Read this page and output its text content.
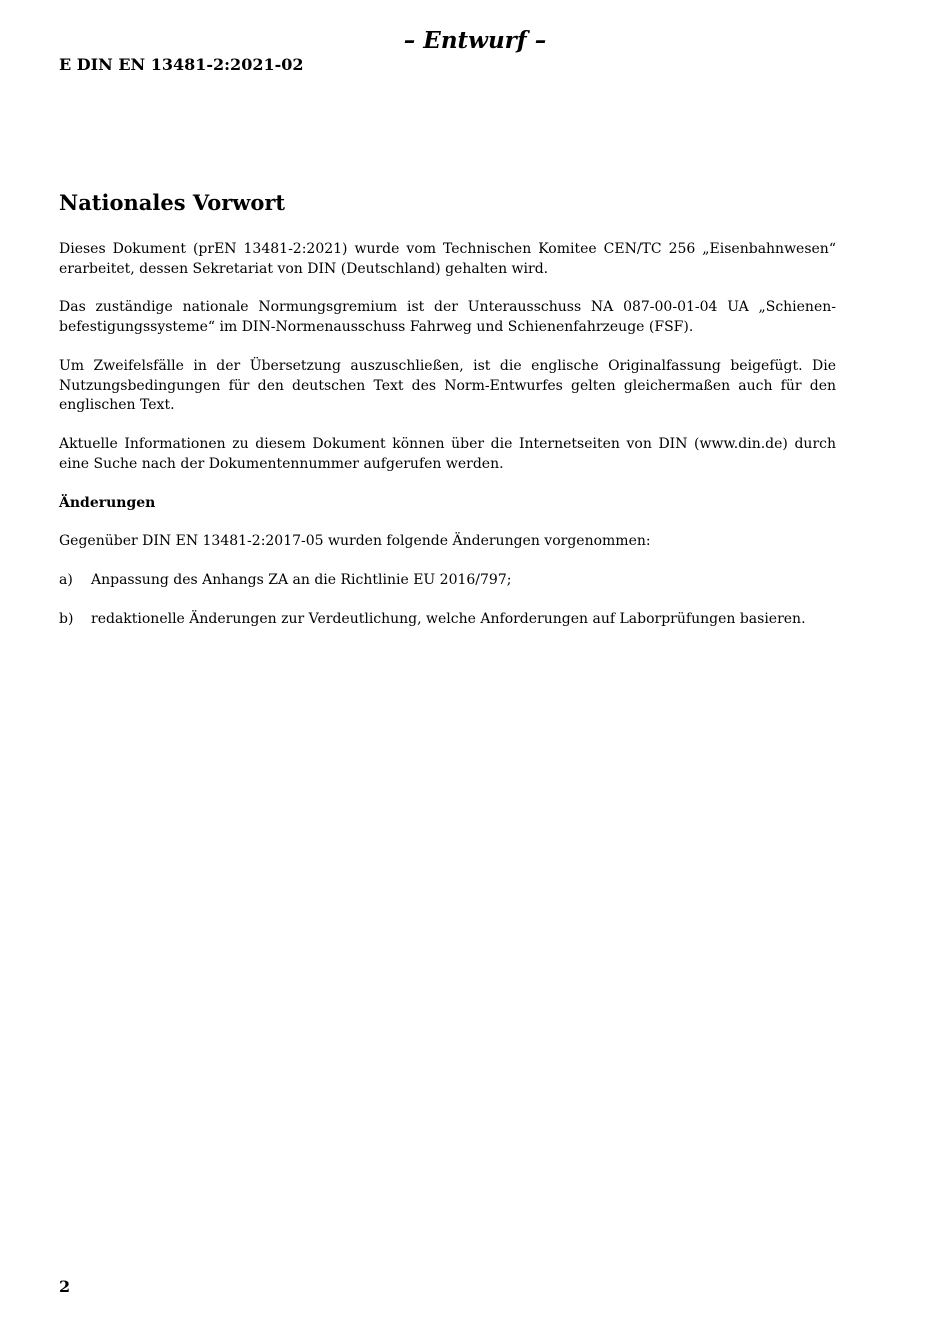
– Entwurf –
E DIN EN 13481-2:2021-02
Nationales Vorwort

Dieses Dokument (prEN 13481-2:2021) wurde vom Technischen Komitee CEN/TC 256 „Eisenbahnwesen“ erarbeitet, dessen Sekretariat von DIN (Deutschland) gehalten wird.

Das zuständige nationale Normungsgremium ist der Unterausschuss NA 087-00-01-04 UA „Schienen-befestigungssysteme“ im DIN-Normenausschuss Fahrweg und Schienenfahrzeuge (FSF).

Um Zweifelsfälle in der Übersetzung auszuschließen, ist die englische Originalfassung beigefügt. Die Nutzungsbedingungen für den deutschen Text des Norm-Entwurfes gelten gleichermaßen auch für den englischen Text.

Aktuelle Informationen zu diesem Dokument können über die Internetseiten von DIN (www.din.de) durch eine Suche nach der Dokumentennummer aufgerufen werden.

Änderungen

Gegenüber DIN EN 13481-2:2017-05 wurden folgende Änderungen vorgenommen:

a) Anpassung des Anhangs ZA an die Richtlinie EU 2016/797;
b) redaktionelle Änderungen zur Verdeutlichung, welche Anforderungen auf Laborprüfungen basieren.
2
